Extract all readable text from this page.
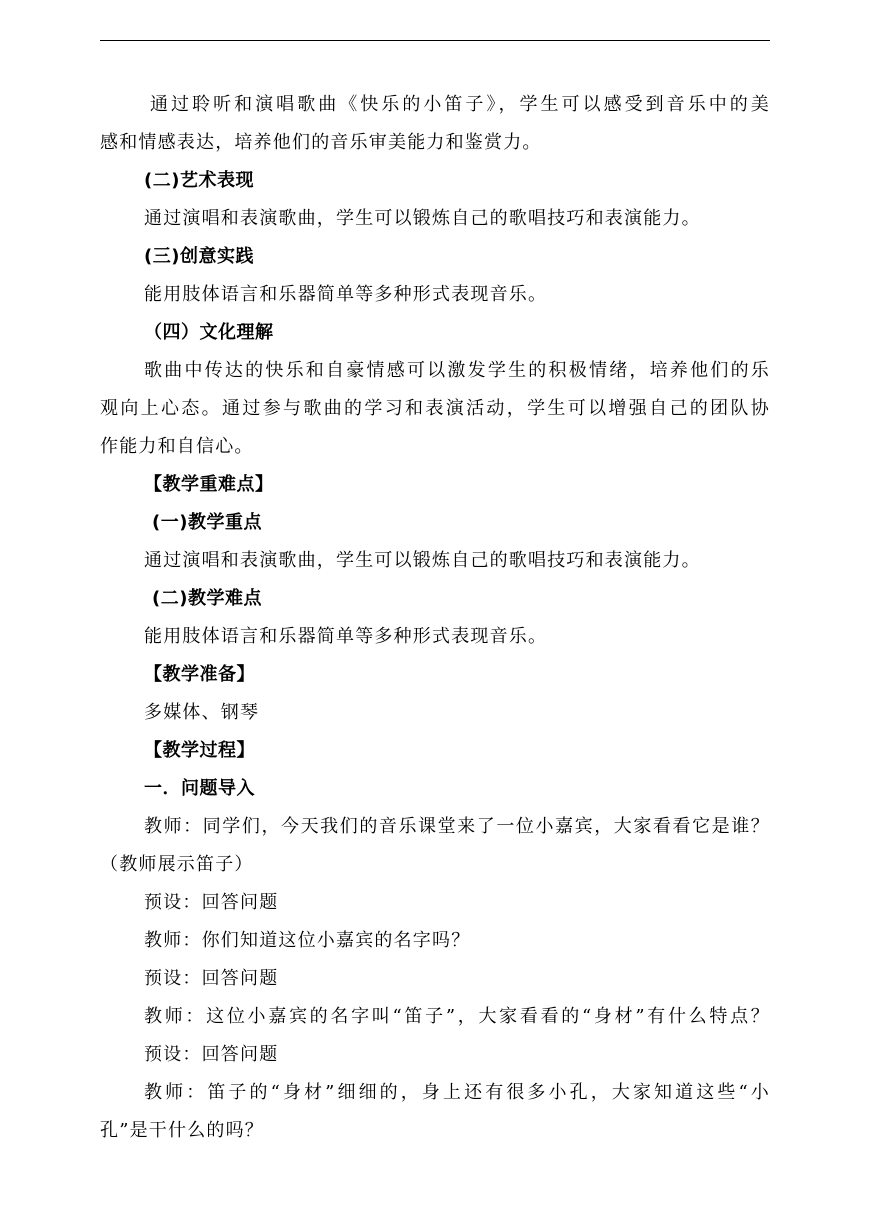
通过聆听和演唱歌曲《快乐的小笛子》，学生可以感受到音乐中的美
感和情感表达，培养他们的音乐审美能力和鉴赏力。
(二)艺术表现
通过演唱和表演歌曲，学生可以锻炼自己的歌唱技巧和表演能力。
(三)创意实践
能用肢体语言和乐器简单等多种形式表现音乐。
（四）文化理解
歌曲中传达的快乐和自豪情感可以激发学生的积极情绪，培养他们的乐
观向上心态。通过参与歌曲的学习和表演活动，学生可以增强自己的团队协
作能力和自信心。
【教学重难点】
(一)教学重点
通过演唱和表演歌曲，学生可以锻炼自己的歌唱技巧和表演能力。
(二)教学难点
能用肢体语言和乐器简单等多种形式表现音乐。
【教学准备】
多媒体、钢琴
【教学过程】
一．问题导入
教师：同学们，今天我们的音乐课堂来了一位小嘉宾，大家看看它是谁？
（教师展示笛子）
预设：回答问题
教师：你们知道这位小嘉宾的名字吗？
预设：回答问题
教师：这位小嘉宾的名字叫“笛子”，大家看看的“身材”有什么特点？
预设：回答问题
教师：笛子的“身材”细细的，身上还有很多小孔，大家知道这些“小
孔”是干什么的吗？
